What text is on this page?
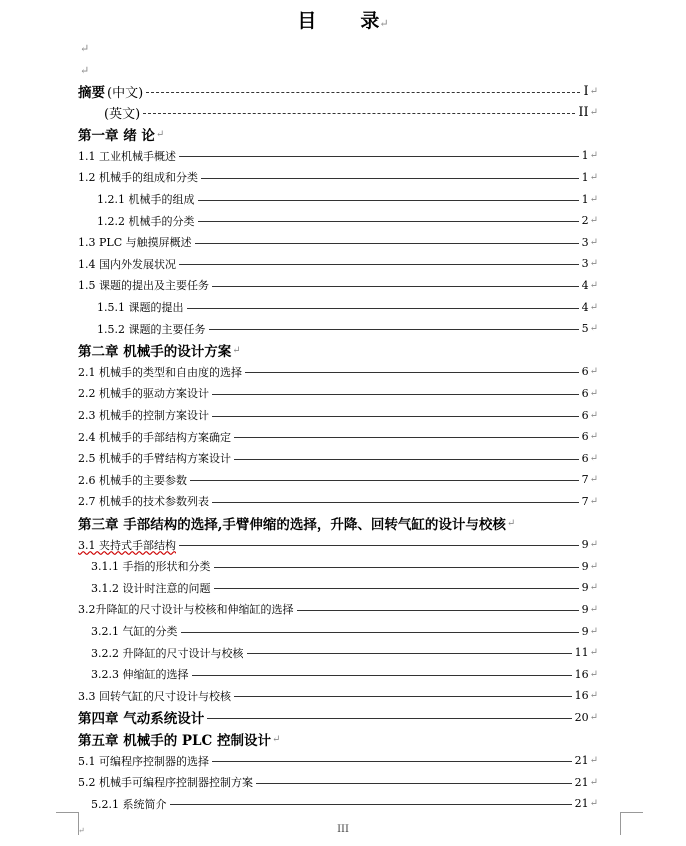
目 录↵
↵
↵
摘要 (中文)	I ↵
(英文)	II ↵
第一章 绪 论 ↵
1.1 工业机械手概述	1 ↵
1.2 机械手的组成和分类	1 ↵
1.2.1 机械手的组成	1 ↵
1.2.2 机械手的分类	2 ↵
1.3 PLC 与触摸屏概述	3 ↵
1.4 国内外发展状况	3 ↵
1.5 课题的提出及主要任务	4 ↵
1.5.1 课题的提出	4 ↵
1.5.2 课题的主要任务	5 ↵
第二章 机械手的设计方案 ↵
2.1 机械手的类型和自由度的选择	6 ↵
2.2 机械手的驱动方案设计	6 ↵
2.3 机械手的控制方案设计	6 ↵
2.4 机械手的手部结构方案确定	6 ↵
2.5 机械手的手臂结构方案设计	6 ↵
2.6 机械手的主要参数	7 ↵
2.7 机械手的技术参数列表	7 ↵
第三章 手部结构的选择,手臂伸缩的选择，升降、回转气缸的设计与校核 ↵
3.1 夹持式手部结构	9 ↵
3.1.1 手指的形状和分类	9 ↵
3.1.2 设计时注意的问题	9 ↵
3.2升降缸的尺寸设计与校核和伸缩缸的选择	9 ↵
3.2.1 气缸的分类	9 ↵
3.2.2 升降缸的尺寸设计与校核	11 ↵
3.2.3 伸缩缸的选择	16 ↵
3.3 回转气缸的尺寸设计与校核	16 ↵
第四章 气动系统设计	20 ↵
第五章 机械手的 PLC 控制设计 ↵
5.1 可编程序控制器的选择	21 ↵
5.2 机械手可编程序控制器控制方案	21 ↵
5.2.1 系统简介	21 ↵
↵	III
